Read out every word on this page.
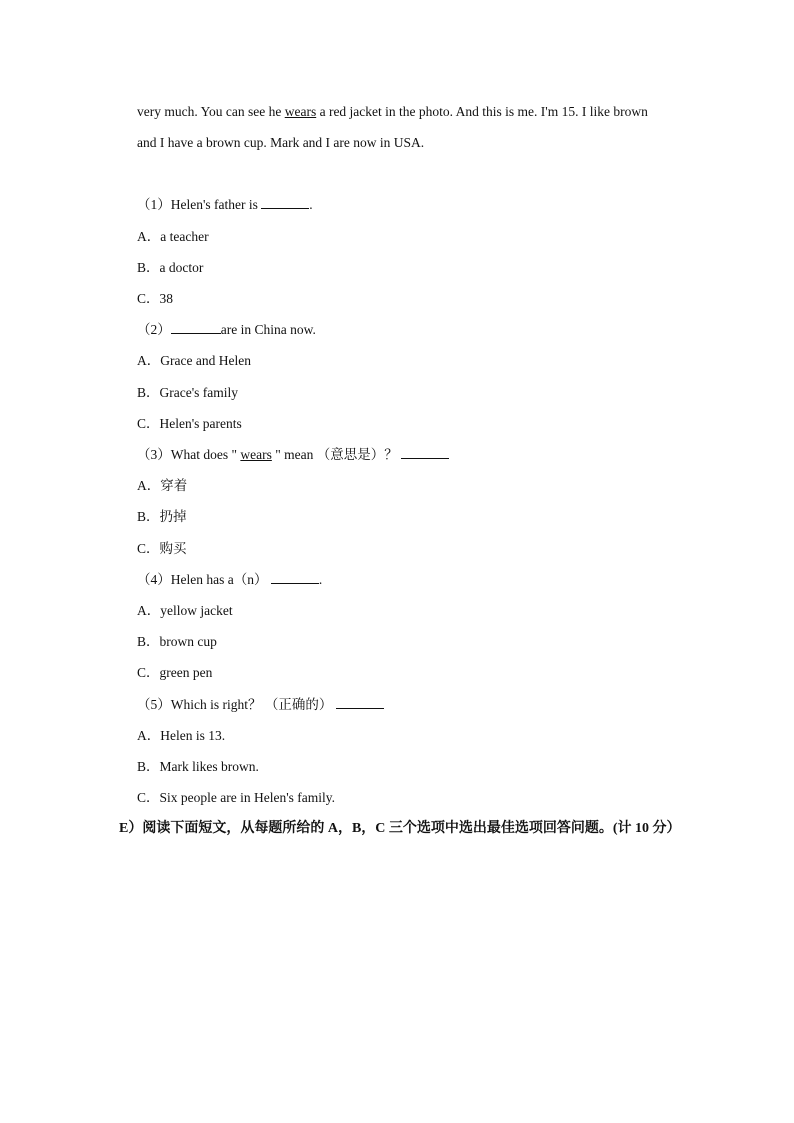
very much. You can see he wears a red jacket in the photo. And this is me. I'm 15. I like brown
and I have a brown cup. Mark and I are now in USA.
（1）Helen's father is	.
A．a teacher
B．a doctor
C．38
（2）	are in China now.
A．Grace and Helen
B．Grace's family
C．Helen's parents
（3）What does " wears " mean （意思是）？
A．穿着
B．扔掉
C．购买
（4）Helen has a（n）	.
A．yellow jacket
B．brown cup
C．green pen
（5）Which is right？ （正确的）
A．Helen is 13.
B．Mark likes brown.
C．Six people are in Helen's family.
E）阅读下面短文，从每题所给的 A，B，C 三个选项中选出最佳选项回答问题。(计 10 分）
